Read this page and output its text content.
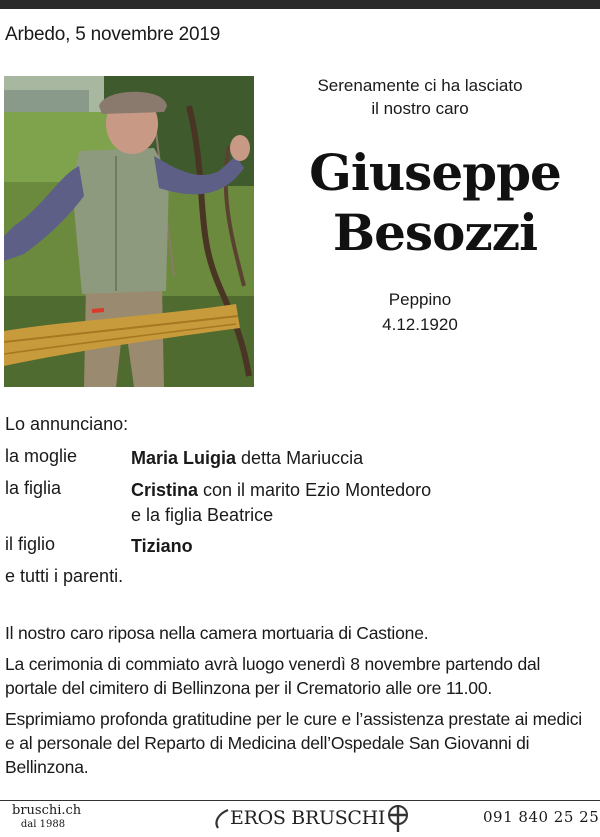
Arbedo, 5 novembre 2019
Serenamente ci ha lasciato
il nostro caro
Giuseppe
Besozzi
Peppino
4.12.1920
Lo annunciano:
la moglie	Maria Luigia detta Mariuccia
la figlia	Cristina con il marito Ezio Montedoro
e la figlia Beatrice
il figlio	Tiziano
e tutti i parenti.
Il nostro caro riposa nella camera mortuaria di Castione.
La cerimonia di commiato avrà luogo venerdì 8 novembre partendo dal portale del cimitero di Bellinzona per il Crematorio alle ore 11.00.
Esprimiamo profonda gratitudine per le cure e l’assistenza prestate ai medici e al personale del Reparto di Medicina dell’Ospedale San Giovanni di Bellinzona.
bruschi.ch
dal 1988	EROS BRUSCHI	091 840 25 25
